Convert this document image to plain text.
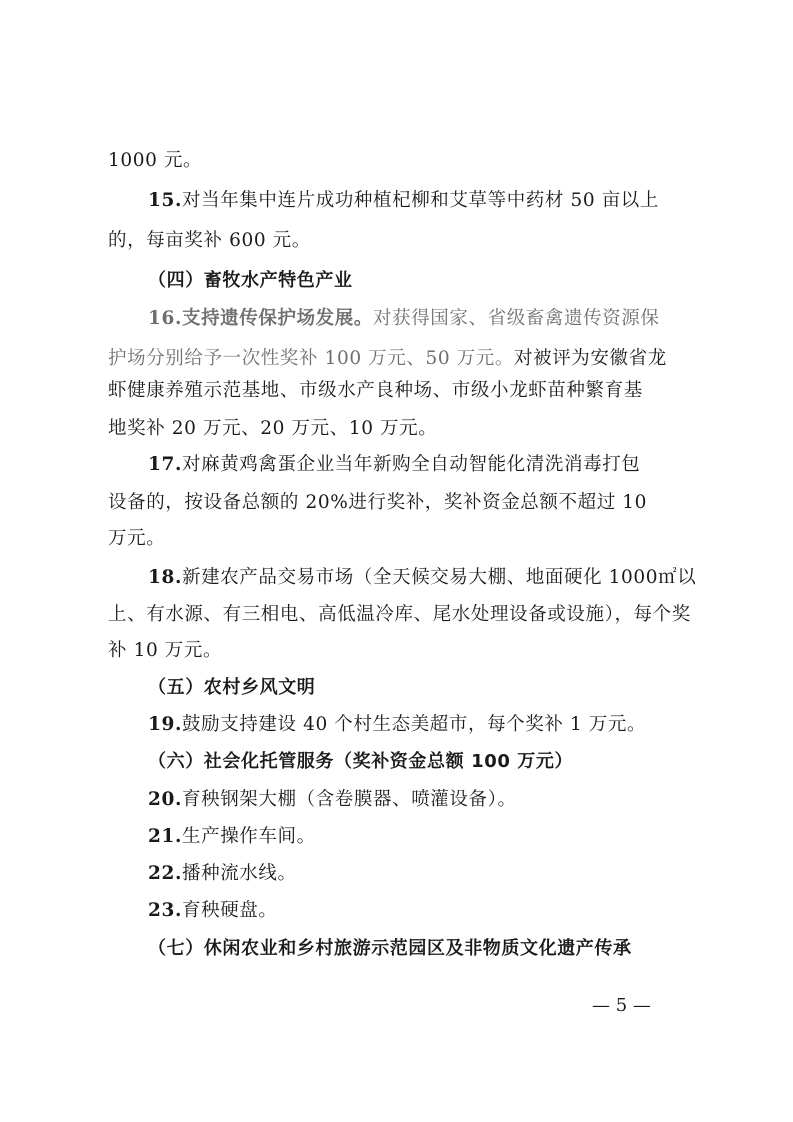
1000 元。
15.对当年集中连片成功种植杞柳和艾草等中药材 50 亩以上
的，每亩奖补 600 元。
（四）畜牧水产特色产业
16.支持遗传保护场发展。对获得国家、省级畜禽遗传资源保
护场分别给予一次性奖补 100 万元、50 万元。对被评为安徽省龙
虾健康养殖示范基地、市级水产良种场、市级小龙虾苗种繁育基
地奖补 20 万元、20 万元、10 万元。
17.对麻黄鸡禽蛋企业当年新购全自动智能化清洗消毒打包
设备的，按设备总额的 20%进行奖补，奖补资金总额不超过 10
万元。
18.新建农产品交易市场（全天候交易大棚、地面硬化 1000㎡以
上、有水源、有三相电、高低温冷库、尾水处理设备或设施），每个奖
补 10 万元。
（五）农村乡风文明
19.鼓励支持建设 40 个村生态美超市，每个奖补 1 万元。
（六）社会化托管服务（奖补资金总额 100 万元）
20.育秧钢架大棚（含卷膜器、喷灌设备）。
21.生产操作车间。
22.播种流水线。
23.育秧硬盘。
（七）休闲农业和乡村旅游示范园区及非物质文化遗产传承
— 5 —
